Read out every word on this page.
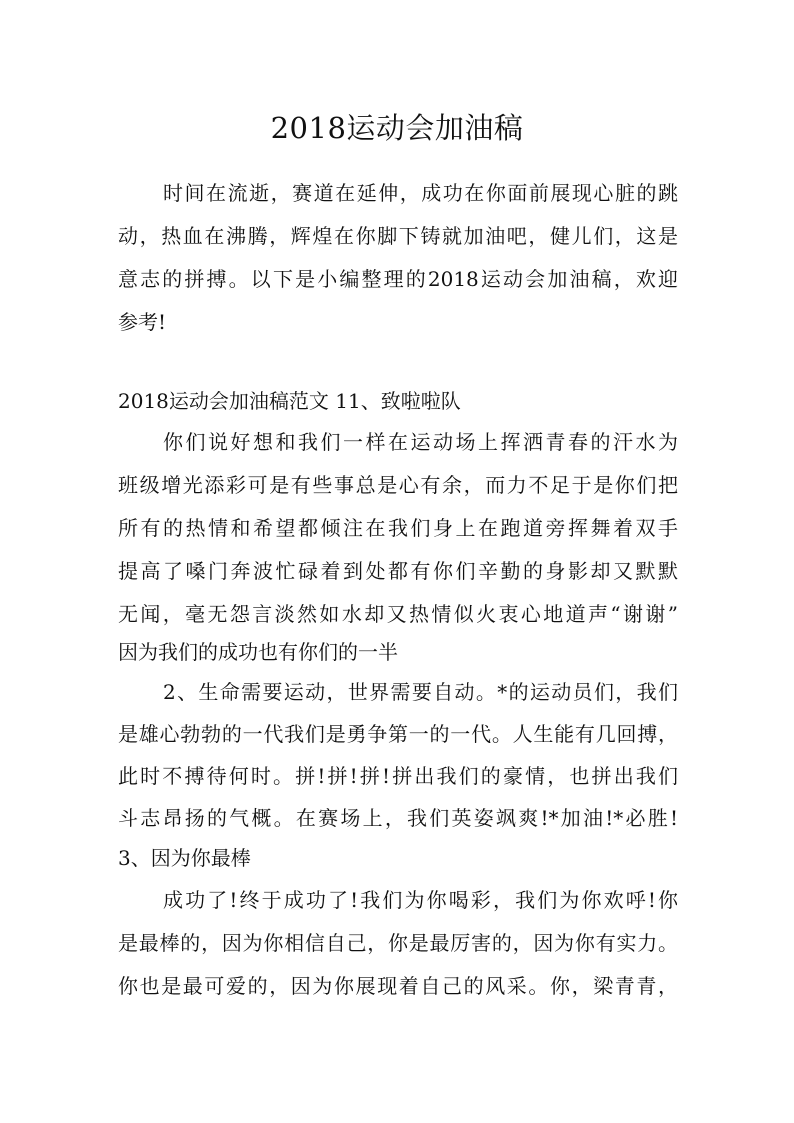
2018运动会加油稿
时间在流逝，赛道在延伸，成功在你面前展现心脏的跳
动，热血在沸腾，辉煌在你脚下铸就加油吧，健儿们，这是
意志的拼搏。以下是小编整理的2018运动会加油稿，欢迎
参考!
2018运动会加油稿范文 11、致啦啦队
你们说好想和我们一样在运动场上挥洒青春的汗水为
班级增光添彩可是有些事总是心有余，而力不足于是你们把
所有的热情和希望都倾注在我们身上在跑道旁挥舞着双手
提高了嗓门奔波忙碌着到处都有你们辛勤的身影却又默默
无闻，毫无怨言淡然如水却又热情似火衷心地道声“谢谢”
因为我们的成功也有你们的一半
2、生命需要运动，世界需要自动。*的运动员们，我们
是雄心勃勃的一代我们是勇争第一的一代。人生能有几回搏，
此时不搏待何时。拼!拼!拼!拼出我们的豪情，也拼出我们
斗志昂扬的气概。在赛场上，我们英姿飒爽!*加油!*必胜!
3、因为你最棒
成功了!终于成功了!我们为你喝彩，我们为你欢呼!你
是最棒的，因为你相信自己，你是最厉害的，因为你有实力。
你也是最可爱的，因为你展现着自己的风采。你，梁青青，
